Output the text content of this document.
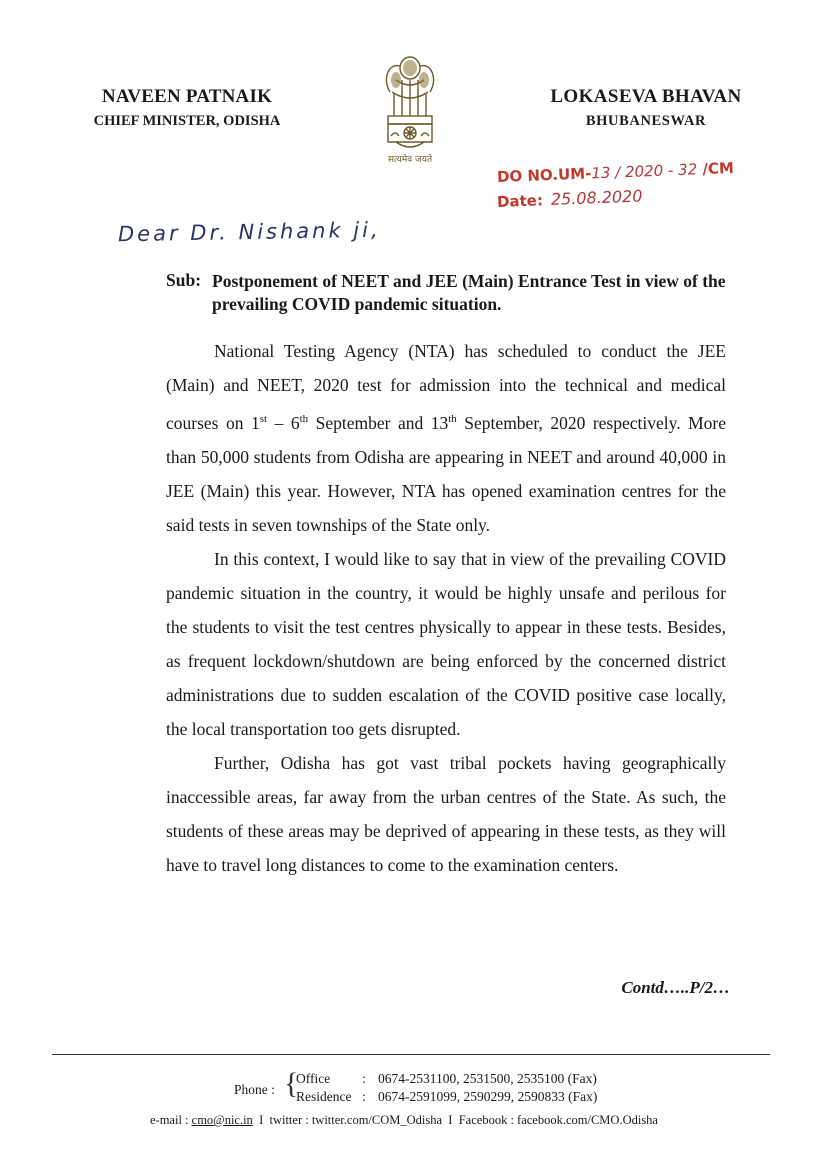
NAVEEN PATNAIK
CHIEF MINISTER, ODISHA
सत्यमेव जयते
LOKASEVA BHAVAN
BHUBANESWAR
DO NO.UM-13 / 2020 - 32 /CM
Date: 25.08.2020
Dear Dr. Nishank ji,
Sub: Postponement of NEET and JEE (Main) Entrance Test in view of the prevailing COVID pandemic situation.

National Testing Agency (NTA) has scheduled to conduct the JEE (Main) and NEET, 2020 test for admission into the technical and medical courses on 1st – 6th September and 13th September, 2020 respectively. More than 50,000 students from Odisha are appearing in NEET and around 40,000 in JEE (Main) this year. However, NTA has opened examination centres for the said tests in seven townships of the State only.

In this context, I would like to say that in view of the prevailing COVID pandemic situation in the country, it would be highly unsafe and perilous for the students to visit the test centres physically to appear in these tests. Besides, as frequent lockdown/shutdown are being enforced by the concerned district administrations due to sudden escalation of the COVID positive case locally, the local transportation too gets disrupted.

Further, Odisha has got vast tribal pockets having geographically inaccessible areas, far away from the urban centres of the State. As such, the students of these areas may be deprived of appearing in these tests, as they will have to travel long distances to come to the examination centers.

Contd…..P/2…
Phone : {
Office : 0674-2531100, 2531500, 2535100 (Fax)
Residence : 0674-2591099, 2590299, 2590833 (Fax)
e-mail : cmo@nic.in I twitter : twitter.com/COM_Odisha I Facebook : facebook.com/CMO.Odisha
